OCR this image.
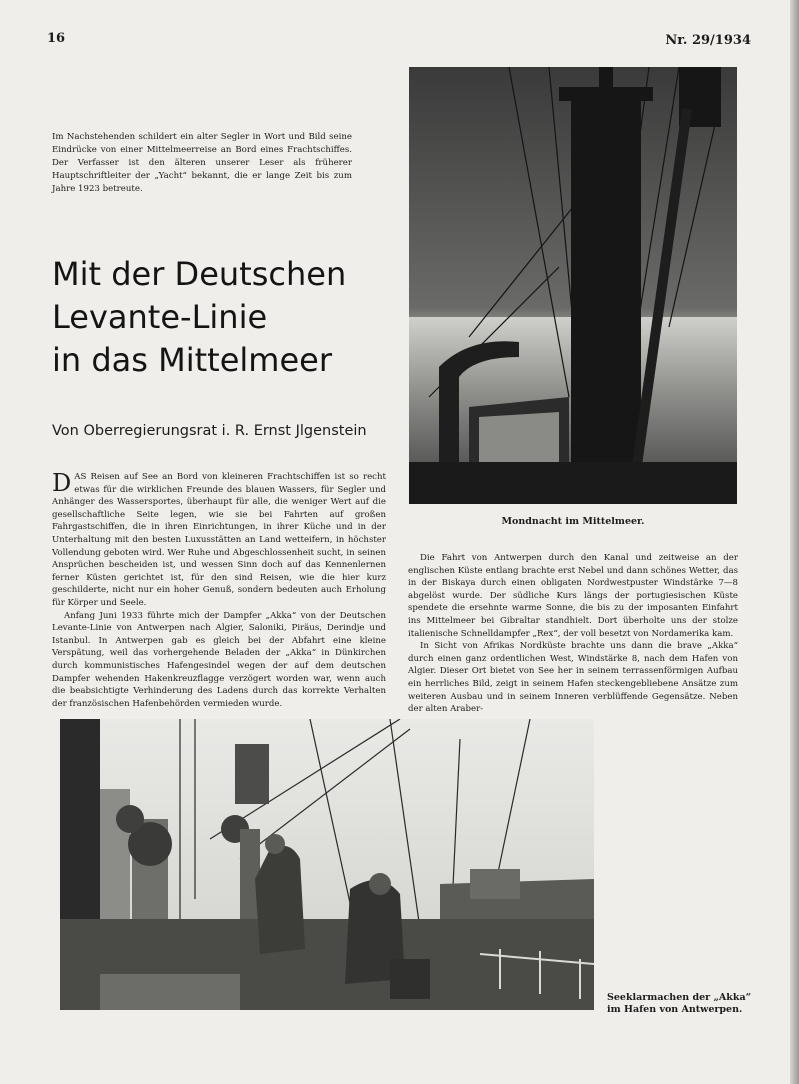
16	Nr. 29/1934
Im Nachstehenden schildert ein alter Segler in Wort und Bild seine Eindrücke von einer Mittelmeerreise an Bord eines Frachtschiffes. Der Verfasser ist den älteren unserer Leser als früherer Hauptschriftleiter der „Yacht“ bekannt, die er lange Zeit bis zum Jahre 1923 betreute.
Mit der Deutschen
Levante-Linie
in das Mittelmeer
Von Oberregierungsrat i. R. Ernst Jlgenstein

DAS Reisen auf See an Bord von kleineren Frachtschiffen ist so recht etwas für die wirklichen Freunde des blauen Wassers, für Segler und Anhänger des Wassersportes, überhaupt für alle, die weniger Wert auf die gesellschaftliche Seite legen, wie sie bei Fahrten auf großen Fahrgastschiffen, die in ihren Einrichtungen, in ihrer Küche und in der Unterhaltung mit den besten Luxusstätten an Land wetteifern, in höchster Vollendung geboten wird. Wer Ruhe und Abgeschlossenheit sucht, in seinen Ansprüchen bescheiden ist, und wessen Sinn doch auf das Kennenlernen ferner Küsten gerichtet ist, für den sind Reisen, wie die hier kurz geschilderte, nicht nur ein hoher Genuß, sondern bedeuten auch Erholung für Körper und Seele.

Anfang Juni 1933 führte mich der Dampfer „Akka“ von der Deutschen Levante-Linie von Antwerpen nach Algier, Saloniki, Piräus, Derindje und Istanbul. In Antwerpen gab es gleich bei der Abfahrt eine kleine Verspätung, weil das vorhergehende Beladen der „Akka“ in Dünkirchen durch kommunistisches Hafengesindel wegen der auf dem deutschen Dampfer wehenden Hakenkreuzflagge verzögert worden war, wenn auch die beabsichtigte Verhinderung des Ladens durch das korrekte Verhalten der französischen Hafenbehörden vermieden wurde.

Die Fahrt von Antwerpen durch den Kanal und zeitweise an der englischen Küste entlang brachte erst Nebel und dann schönes Wetter, das in der Biskaya durch einen obligaten Nordwestpuster Windstärke 7—8 abgelöst wurde. Der südliche Kurs längs der portugiesischen Küste spendete die ersehnte warme Sonne, die bis zu der imposanten Einfahrt ins Mittelmeer bei Gibraltar standhielt. Dort überholte uns der stolze italienische Schnelldampfer „Rex“, der voll besetzt von Nordamerika kam.

In Sicht von Afrikas Nordküste brachte uns dann die brave „Akka“ durch einen ganz ordentlichen West, Windstärke 8, nach dem Hafen von Algier. Dieser Ort bietet von See her in seinem terrassenförmigen Aufbau ein herrliches Bild, zeigt in seinem Hafen steckengebliebene Ansätze zum weiteren Ausbau und in seinem Inneren verblüffende Gegensätze. Neben der alten Araber-

Mondnacht im Mittelmeer.
Seeklarmachen der „Akka“
im Hafen von Antwerpen.
